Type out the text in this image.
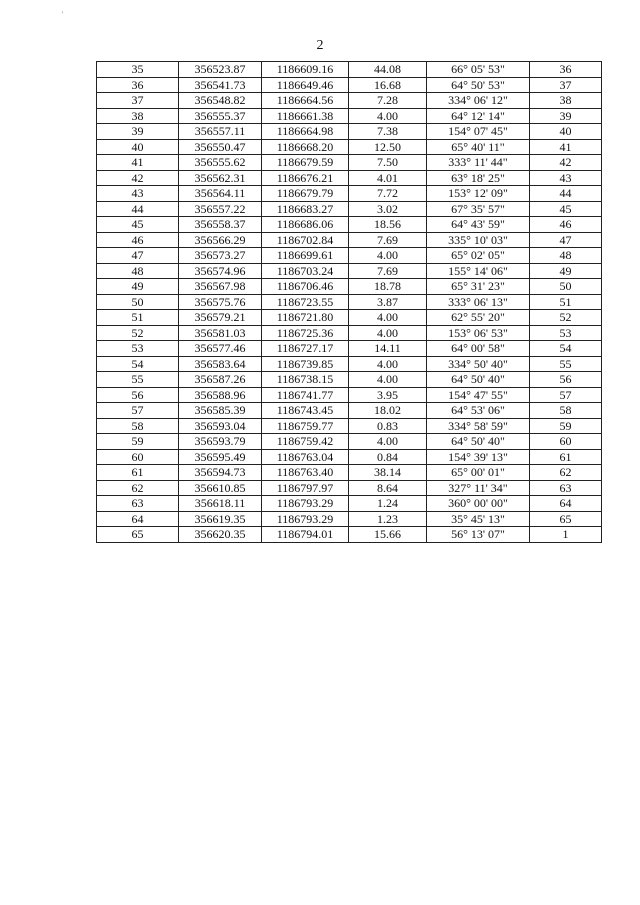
'
2
35	356523.87	1186609.16	44.08	66° 05' 53"	36
36	356541.73	1186649.46	16.68	64° 50' 53"	37
37	356548.82	1186664.56	7.28	334° 06' 12"	38
38	356555.37	1186661.38	4.00	64° 12' 14"	39
39	356557.11	1186664.98	7.38	154° 07' 45"	40
40	356550.47	1186668.20	12.50	65° 40' 11"	41
41	356555.62	1186679.59	7.50	333° 11' 44"	42
42	356562.31	1186676.21	4.01	63° 18' 25"	43
43	356564.11	1186679.79	7.72	153° 12' 09"	44
44	356557.22	1186683.27	3.02	67° 35' 57"	45
45	356558.37	1186686.06	18.56	64° 43' 59"	46
46	356566.29	1186702.84	7.69	335° 10' 03"	47
47	356573.27	1186699.61	4.00	65° 02' 05"	48
48	356574.96	1186703.24	7.69	155° 14' 06"	49
49	356567.98	1186706.46	18.78	65° 31' 23"	50
50	356575.76	1186723.55	3.87	333° 06' 13"	51
51	356579.21	1186721.80	4.00	62° 55' 20"	52
52	356581.03	1186725.36	4.00	153° 06' 53"	53
53	356577.46	1186727.17	14.11	64° 00' 58"	54
54	356583.64	1186739.85	4.00	334° 50' 40"	55
55	356587.26	1186738.15	4.00	64° 50' 40"	56
56	356588.96	1186741.77	3.95	154° 47' 55"	57
57	356585.39	1186743.45	18.02	64° 53' 06"	58
58	356593.04	1186759.77	0.83	334° 58' 59"	59
59	356593.79	1186759.42	4.00	64° 50' 40"	60
60	356595.49	1186763.04	0.84	154° 39' 13"	61
61	356594.73	1186763.40	38.14	65° 00' 01"	62
62	356610.85	1186797.97	8.64	327° 11' 34"	63
63	356618.11	1186793.29	1.24	360° 00' 00"	64
64	356619.35	1186793.29	1.23	35° 45' 13"	65
65	356620.35	1186794.01	15.66	56° 13' 07"	1
